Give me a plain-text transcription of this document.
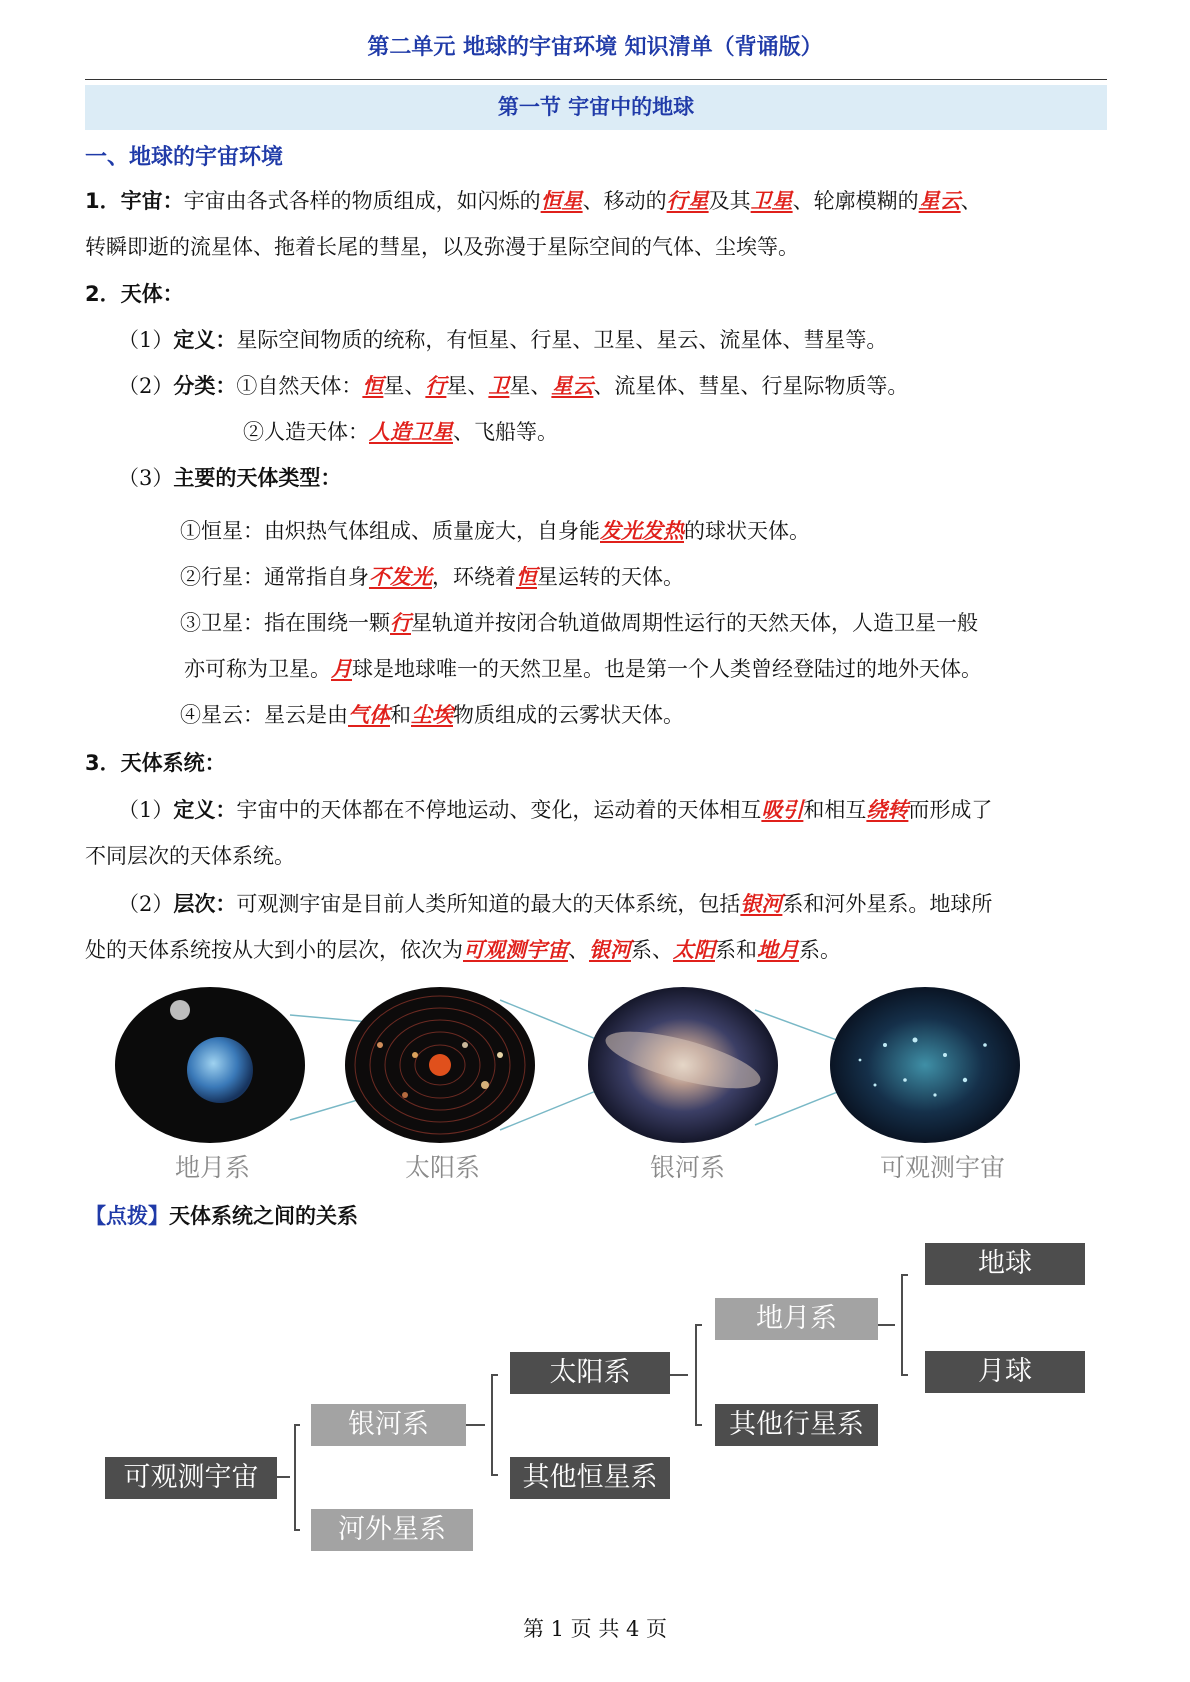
第二单元 地球的宇宙环境 知识清单（背诵版）
第一节 宇宙中的地球
一、地球的宇宙环境
1．宇宙：宇宙由各式各样的物质组成，如闪烁的恒星、移动的行星及其卫星、轮廓模糊的星云、
转瞬即逝的流星体、拖着长尾的彗星，以及弥漫于星际空间的气体、尘埃等。
2．天体：
（1）定义：星际空间物质的统称，有恒星、行星、卫星、星云、流星体、彗星等。
（2）分类：①自然天体：恒星、行星、卫星、星云、流星体、彗星、行星际物质等。
②人造天体：人造卫星、飞船等。
（3）主要的天体类型：
①恒星：由炽热气体组成、质量庞大，自身能发光发热的球状天体。
②行星：通常指自身不发光，环绕着恒星运转的天体。
③卫星：指在围绕一颗行星轨道并按闭合轨道做周期性运行的天然天体，人造卫星一般
亦可称为卫星。月球是地球唯一的天然卫星。也是第一个人类曾经登陆过的地外天体。
④星云：星云是由气体和尘埃物质组成的云雾状天体。
3．天体系统：
（1）定义：宇宙中的天体都在不停地运动、变化，运动着的天体相互吸引和相互绕转而形成了
不同层次的天体系统。
（2）层次：可观测宇宙是目前人类所知道的最大的天体系统，包括银河系和河外星系。地球所
处的天体系统按从大到小的层次，依次为可观测宇宙、银河系、太阳系和地月系。
地月系	太阳系	银河系	可观测宇宙
【点拨】天体系统之间的关系
可观测宇宙
银河系
河外星系
太阳系
其他恒星系
地月系
其他行星系
地球
月球
第 1 页 共 4 页
